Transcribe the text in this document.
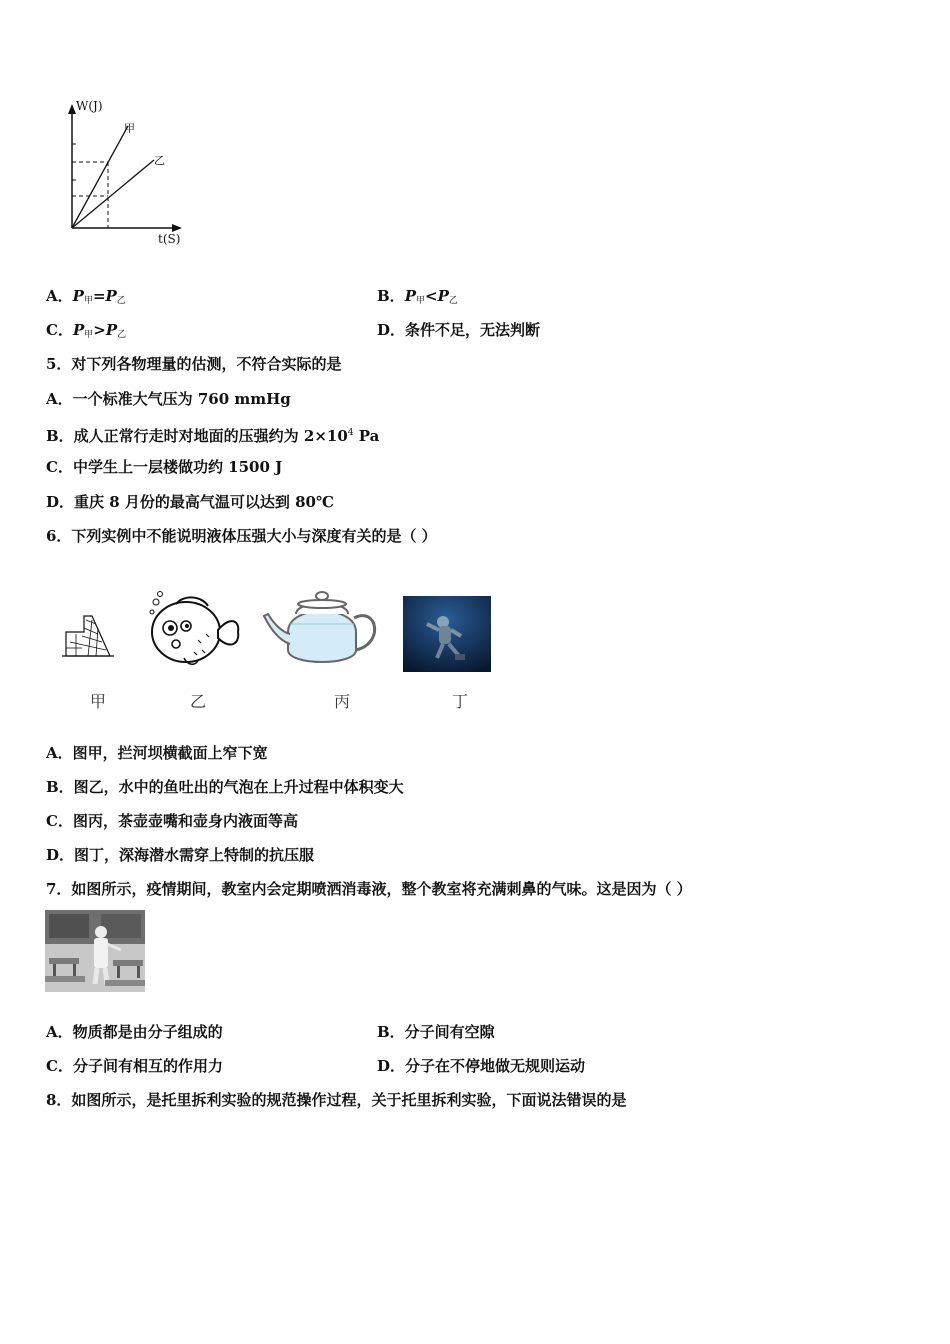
W(J)
t(S)
甲
乙
A．$P_甲=P_乙$	B．$P_甲<P_乙$
C．$P_甲>P_乙$	D．条件不足，无法判断
5．对下列各物理量的估测，不符合实际的是
A．一个标准大气压为 760 mmHg
B．成人正常行走时对地面的压强约为 $2\times 10^4$ Pa
C．中学生上一层楼做功约 1500 J
D．重庆 8 月份的最高气温可以达到 80℃
6．下列实例中不能说明液体压强大小与深度有关的是（ ）
甲	乙	丙	丁
A．图甲，拦河坝横截面上窄下宽
B．图乙，水中的鱼吐出的气泡在上升过程中体积变大
C．图丙，茶壶壶嘴和壶身内液面等高
D．图丁，深海潜水需穿上特制的抗压服
7．如图所示，疫情期间，教室内会定期喷洒消毒液，整个教室将充满刺鼻的气味。这是因为（ ）
A．物质都是由分子组成的	B．分子间有空隙
C．分子间有相互的作用力	D．分子在不停地做无规则运动
8．如图所示，是托里拆利实验的规范操作过程，关于托里拆利实验，下面说法错误的是
